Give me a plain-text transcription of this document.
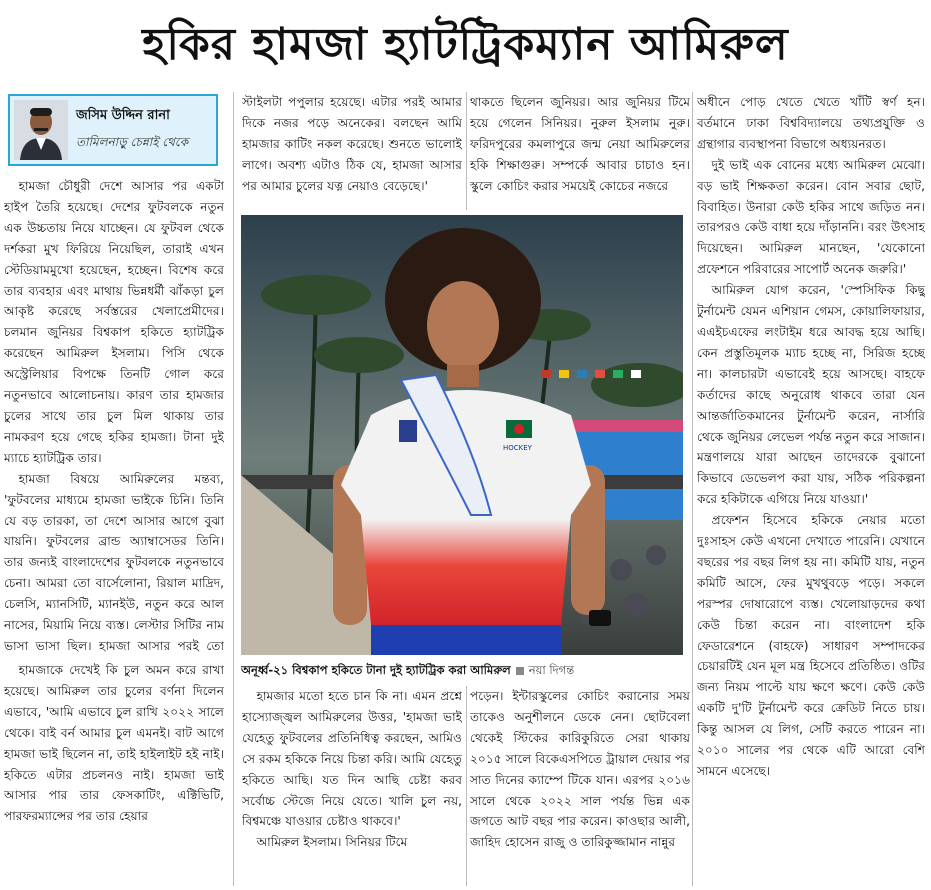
হকির হামজা হ্যাটট্রিকম্যান আমিরুল
জসিম উদ্দিন রানা
তামিলনাড়ু চেন্নাই থেকে

হামজা চৌধুরী দেশে আসার পর একটা হাইপ তৈরি হয়েছে। দেশের ফুটবলকে নতুন এক উচ্চতায় নিয়ে যাচ্ছেন। যে ফুটবল থেকে দর্শকরা মুখ ফিরিয়ে নিয়েছিল, তারাই এখন স্টেডিয়ামমুখো হয়েছেন, হচ্ছেন। বিশেষ করে তার ব্যবহার এবং মাথায় ভিন্নধর্মী ঝাঁকড়া চুল আকৃষ্ট করেছে সর্বস্তরের খেলাপ্রেমীদের। চলমান জুনিয়র বিশ্বকাপ হকিতে হ্যাটট্রিক করেছেন আমিরুল ইসলাম। পিসি থেকে অস্ট্রেলিয়ার বিপক্ষে তিনটি গোল করে নতুনভাবে আলোচনায়। কারণ তার হামজার চুলের সাথে তার চুল মিল থাকায় তার নামকরণ হয়ে গেছে হকির হামজা। টানা দুই ম্যাচে হ্যাটট্রিক তার।

হামজা বিষয়ে আমিরুলের মন্তব্য, 'ফুটবলের মাধ্যমে হামজা ভাইকে চিনি। তিনি যে বড় তারকা, তা দেশে আসার আগে বুঝা যায়নি। ফুটবলের ব্রান্ড অ্যাম্বাসেডর তিনি। তার জন্যই বাংলাদেশের ফুটবলকে নতুনভাবে চেনা। আমরা তো বার্সেলোনা, রিয়াল মাদ্রিদ, চেলসি, ম্যানসিটি, ম্যানইউ, নতুন করে আল নাসের, মিয়ামি নিয়ে ব্যস্ত। লেস্টার সিটির নাম ভাসা ভাসা ছিল। হামজা আসার পরই তো

হামজাকে দেখেই কি চুল অমন করে রাখা হয়েছে। আমিরুল তার চুলের বর্ণনা দিলেন এভাবে, 'আমি এভাবে চুল রাখি ২০২২ সালে থেকে। বাই বর্ন আমার চুল এমনই। বাট আগে হামজা ভাই ছিলেন না, তাই হাইলাইট হই নাই। হকিতে এটার প্রচলনও নাই। হামজা ভাই আসার পার তার ফেসকাটিং, এক্টিভিটি, পারফরম্যান্সের পর তার হেয়ার

স্টাইলটা পপুলার হয়েছে। এটার পরই আমার দিকে নজর পড়ে অনেকের। বলছেন আমি হামজার কাটিং নকল করেছে। শুনতে ভালোই লাগে। অবশ্য এটাও ঠিক যে, হামজা আসার পর আমার চুলের যত্ন নেয়াও বেড়েছে।'

থাকতে ছিলেন জুনিয়র। আর জুনিয়র টিমে হয়ে গেলেন সিনিয়র। নুরুল ইসলাম নুরু। ফরিদপুরের কমলাপুরে জন্ম নেয়া আমিরুলের হকি শিক্ষাগুরু। সম্পর্কে আবার চাচাও হন। স্কুলে কোচিং করার সময়েই কোচের নজরে

HOCKEY
অনূর্ধ্ব-২১ বিশ্বকাপ হকিতে টানা দুই হ্যাটট্রিক করা আমিরুল নয়া দিগন্ত

হামজার মতো হতে চান কি না। এমন প্রশ্নে হাস্যোজ্জ্বল আমিরুলের উত্তর, 'হামজা ভাই যেহেতু ফুটবলের প্রতিনিধিত্ব করছেন, আমিও সে রকম হকিকে নিয়ে চিন্তা করি। আমি যেহেতু হকিতে আছি। যত দিন আছি চেষ্টা করব সর্বোচ্চ স্টেজে নিয়ে যেতে। খালি চুল নয়, বিশ্বমঞ্চে যাওয়ার চেষ্টাও থাকবে।'

আমিরুল ইসলাম। সিনিয়র টিমে

পড়েন। ইন্টারস্কুলের কোচিং করানোর সময় তাকেও অনুশীলনে ডেকে নেন। ছোটবেলা থেকেই স্টিকের কারিকুরিতে সেরা থাকায় ২০১৫ সালে বিকেএসপিতে ট্রায়াল দেয়ার পর সাত দিনের ক্যাম্পে টিকে যান। এরপর ২০১৬ সালে থেকে ২০২২ সাল পর্যন্ত ভিন্ন এক জগতে আট বছর পার করেন। কাওছার আলী, জাহিদ হোসেন রাজু ও তারিকুজ্জামান নান্নুর

অধীনে পোড় খেতে খেতে খাঁটি স্বর্ণ হন। বর্তমানে ঢাকা বিশ্ববিদ্যালয়ে তথ্যপ্রযুক্তি ও গ্রন্থাগার ব্যবস্থাপনা বিভাগে অধ্যয়নরত।

দুই ভাই এক বোনের মধ্যে আমিরুল মেঝো। বড় ভাই শিক্ষকতা করেন। বোন সবার ছোট, বিবাহিত। উনারা কেউ হকির সাথে জড়িত নন। তারপরও কেউ বাধা হয়ে দাঁড়াননি। বরং উৎসাহ দিয়েছেন। আমিরুল মানছেন, 'যেকোনো প্রফেশনে পরিবারের সাপোর্ট অনেক জরুরি।'

আমিরুল যোগ করেন, 'স্পেসিফিক কিছু টুর্নামেন্ট যেমন এশিয়ান গেমস, কোয়ালিফায়ার, এএইচএফের লংটাইম ধরে আবদ্ধ হয়ে আছি। কেন প্রস্তুতিমূলক ম্যাচ হচ্ছে না, সিরিজ হচ্ছে না। কালচারটা এভাবেই হয়ে আসছে। বাহফে কর্তাদের কাছে অনুরোধ থাকবে তারা যেন আন্তর্জাতিকমানের টুর্নামেন্ট করেন, নার্সারি থেকে জুনিয়র লেভেল পর্যন্ত নতুন করে সাজান। মন্ত্রণালয়ে যারা আছেন তাদেরকে বুঝানো কিভাবে ডেভেলপ করা যায়, সঠিক পরিকল্পনা করে হকিটাকে এগিয়ে নিয়ে যাওয়া।'

প্রফেশন হিসেবে হকিকে নেয়ার মতো দুঃসাহস কেউ এখনো দেখাতে পারেনি। যেখানে বছরের পর বছর লিগ হয় না। কমিটি যায়, নতুন কমিটি আসে, ফের মুখথুবড়ে পড়ে। সকলে পরস্পর দোষারোপে ব্যস্ত। খেলোয়াড়দের কথা কেউ চিন্তা করেন না। বাংলাদেশ হকি ফেডারেশনে (বাহফে) সাধারণ সম্পাদকের চেয়ারটিই যেন মূল মন্ত্র হিসেবে প্রতিষ্ঠিত। ওটির জন্য নিয়ম পাল্টে যায় ক্ষণে ক্ষণে। কেউ কেউ একটি দু'টি টুর্নামেন্ট করে ক্রেডিট নিতে চায়। কিন্তু আসল যে লিগ, সেটি করতে পারেন না। ২০১০ সালের পর থেকে এটি আরো বেশি সামনে এসেছে।
